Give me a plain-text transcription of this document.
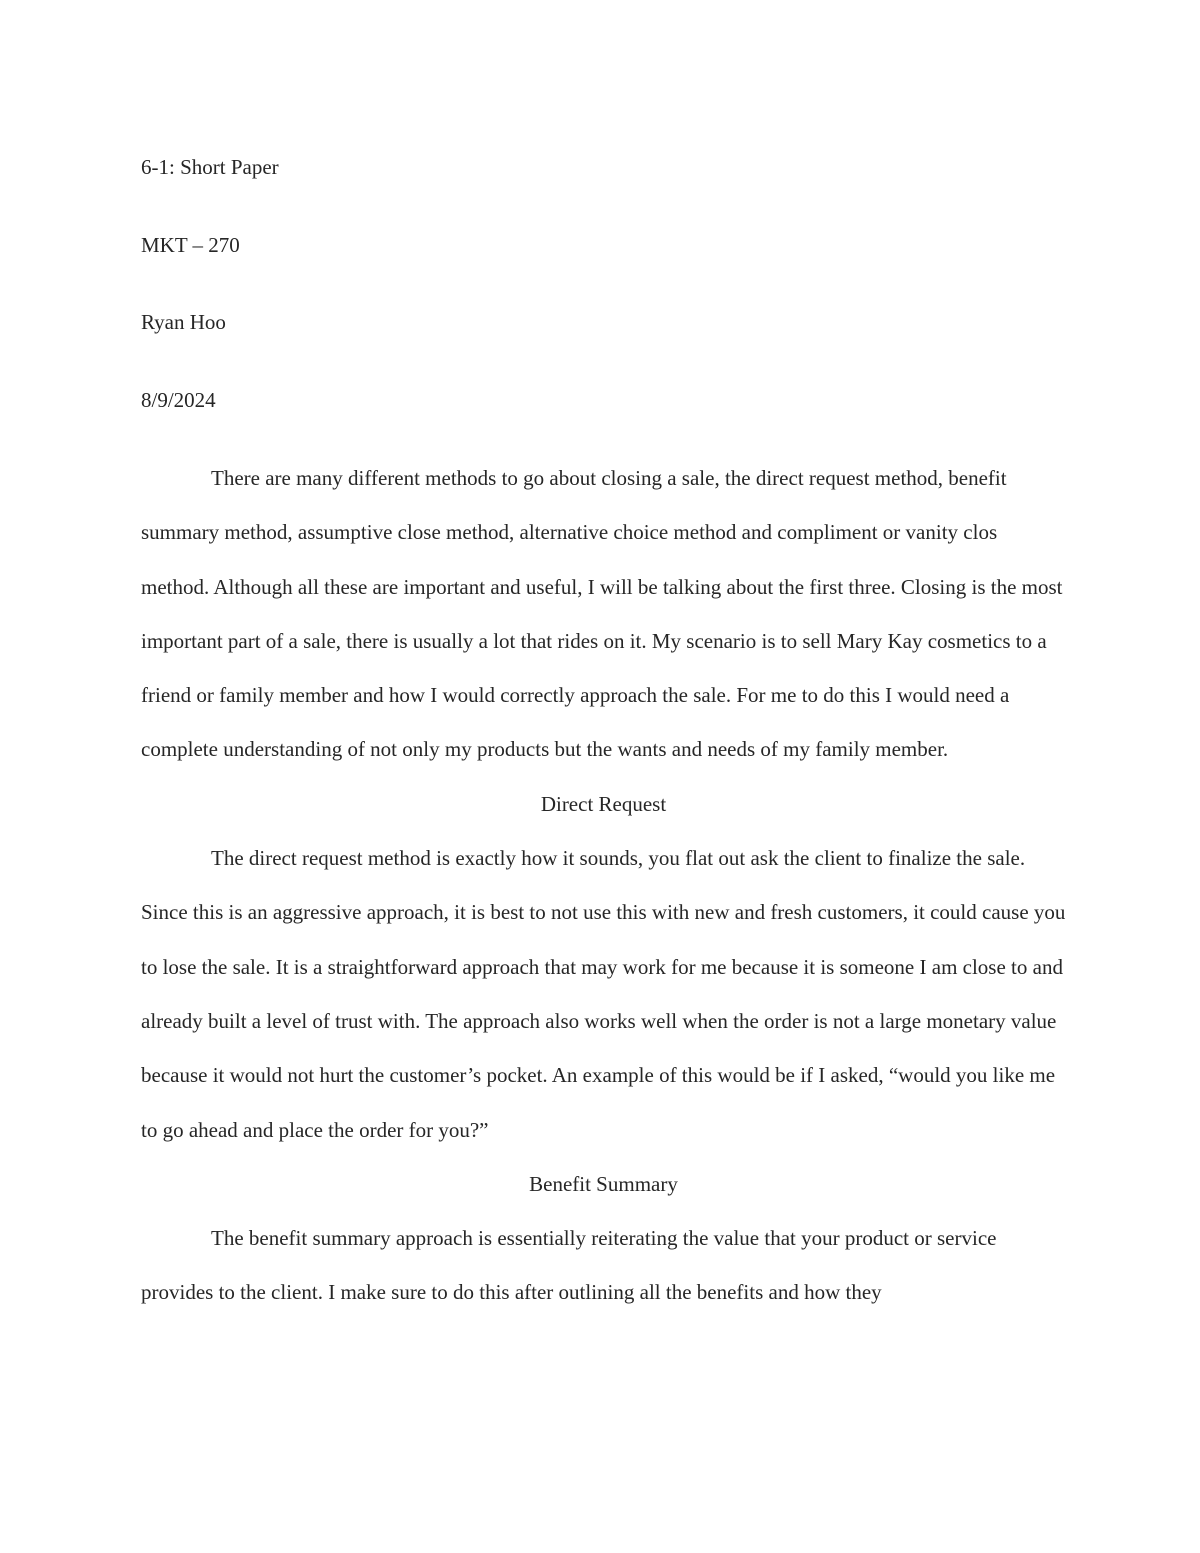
6-1: Short Paper

MKT – 270

Ryan Hoo

8/9/2024

There are many different methods to go about closing a sale, the direct request method, benefit summary method, assumptive close method, alternative choice method and compliment or vanity clos method. Although all these are important and useful, I will be talking about the first three. Closing is the most important part of a sale, there is usually a lot that rides on it. My scenario is to sell Mary Kay cosmetics to a friend or family member and how I would correctly approach the sale. For me to do this I would need a complete understanding of not only my products but the wants and needs of my family member.

Direct Request

The direct request method is exactly how it sounds, you flat out ask the client to finalize the sale. Since this is an aggressive approach, it is best to not use this with new and fresh customers, it could cause you to lose the sale. It is a straightforward approach that may work for me because it is someone I am close to and already built a level of trust with. The approach also works well when the order is not a large monetary value because it would not hurt the customer’s pocket. An example of this would be if I asked, “would you like me to go ahead and place the order for you?”

Benefit Summary

The benefit summary approach is essentially reiterating the value that your product or service provides to the client. I make sure to do this after outlining all the benefits and how they
